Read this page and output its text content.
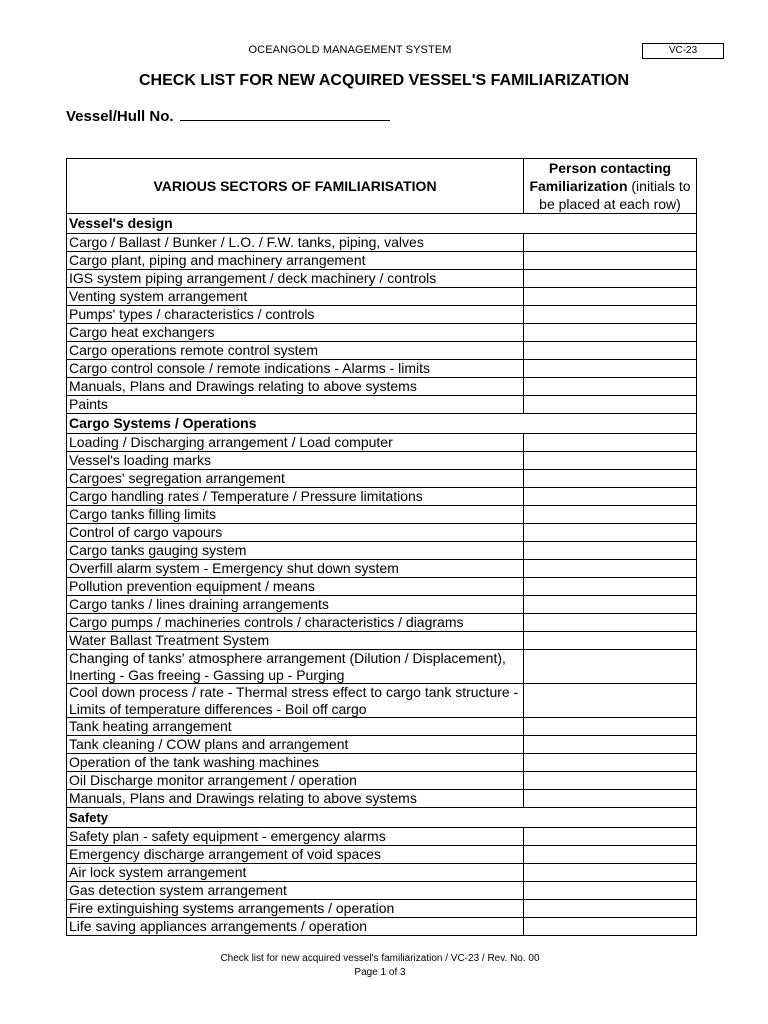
OCEANGOLD MANAGEMENT SYSTEM	VC-23
CHECK LIST FOR NEW ACQUIRED VESSEL'S FAMILIARIZATION
Vessel/Hull No.
VARIOUS SECTORS OF FAMILIARISATION	Person contacting Familiarization (initials to be placed at each row)
Vessel's design	
Cargo / Ballast / Bunker / L.O. / F.W. tanks, piping, valves	
Cargo plant, piping and machinery arrangement	
IGS system piping arrangement / deck machinery / controls	
Venting system arrangement	
Pumps' types / characteristics / controls	
Cargo heat exchangers	
Cargo operations remote control system	
Cargo control console / remote indications - Alarms - limits	
Manuals, Plans and Drawings relating to above systems	
Paints	
Cargo Systems / Operations	
Loading / Discharging arrangement / Load computer	
Vessel's loading marks	
Cargoes' segregation arrangement	
Cargo handling rates / Temperature / Pressure limitations	
Cargo tanks filling limits	
Control of cargo vapours	
Cargo tanks gauging system	
Overfill alarm system - Emergency shut down system	
Pollution prevention equipment / means	
Cargo tanks / lines draining arrangements	
Cargo pumps / machineries controls / characteristics / diagrams	
Water Ballast Treatment System	
Changing of tanks' atmosphere arrangement (Dilution / Displacement), Inerting - Gas freeing - Gassing up - Purging	
Cool down process / rate - Thermal stress effect to cargo tank structure -Limits of temperature differences - Boil off cargo	
Tank heating arrangement	
Tank cleaning / COW plans and arrangement	
Operation of the tank washing machines	
Oil Discharge monitor arrangement / operation	
Manuals, Plans and Drawings relating to above systems	
Safety	
Safety plan - safety equipment - emergency alarms	
Emergency discharge arrangement of void spaces	
Air lock system arrangement	
Gas detection system arrangement	
Fire extinguishing systems arrangements / operation	
Life saving appliances arrangements / operation	
Check list for new acquired vessel's familiarization / VC-23 / Rev. No. 00
Page 1 of 3
